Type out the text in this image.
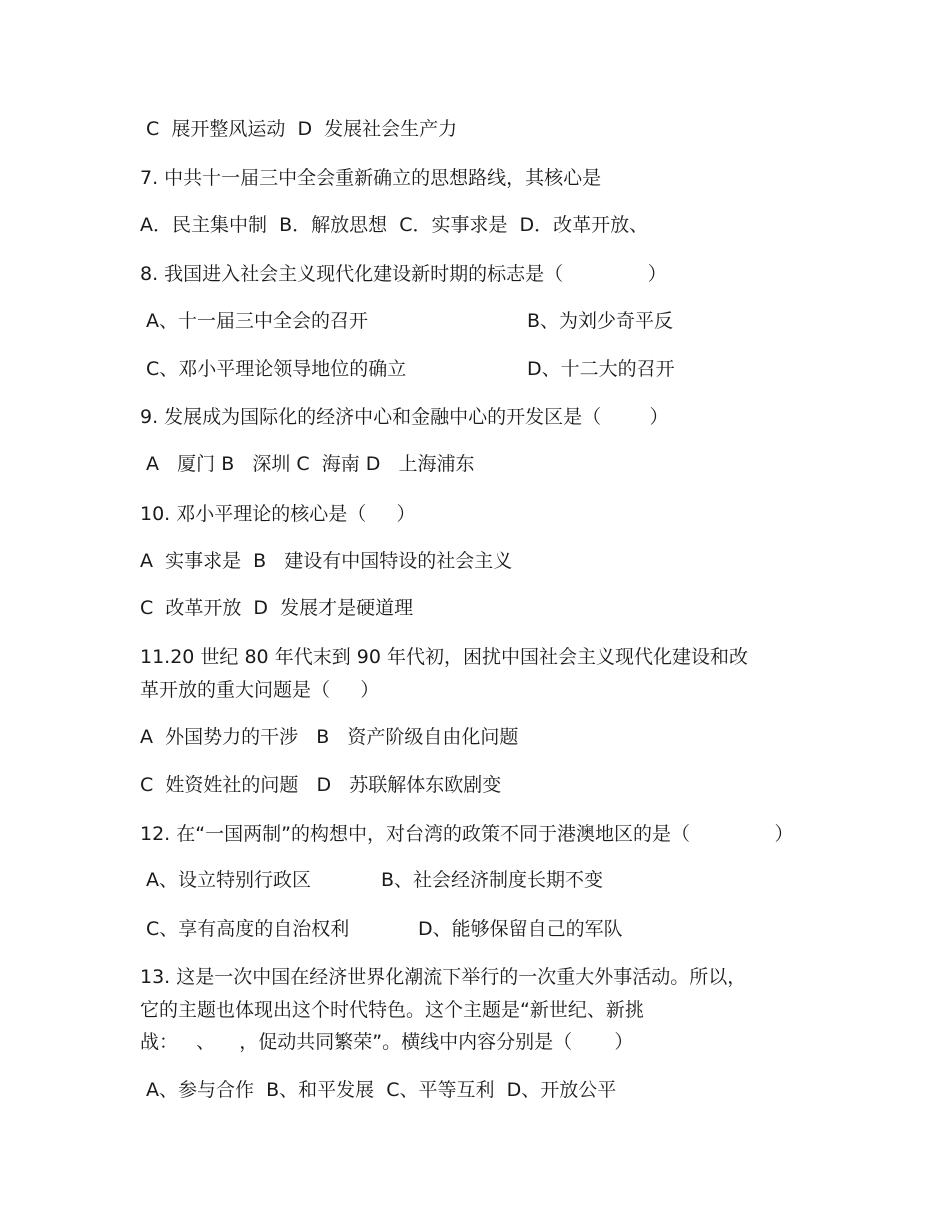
C  展开整风运动  D  发展社会生产力
7. 中共十一届三中全会重新确立的思想路线，其核心是
A．民主集中制  B．解放思想  C．实事求是  D．改革开放、
8. 我国进入社会主义现代化建设新时期的标志是（              ）
A、十一届三中全会的召开	B、为刘少奇平反
C、邓小平理论领导地位的确立	D、十二大的召开
9. 发展成为国际化的经济中心和金融中心的开发区是（        ）
A   厦门 B   深圳 C  海南 D   上海浦东
10. 邓小平理论的核心是（     ）
A  实事求是  B   建设有中国特设的社会主义
C  改革开放  D  发展才是硬道理
11.20 世纪 80 年代末到 90 年代初，困扰中国社会主义现代化建设和改
革开放的重大问题是（     ）
A  外国势力的干涉   B   资产阶级自由化问题
C  姓资姓社的问题   D   苏联解体东欧剧变
12. 在“一国两制”的构想中，对台湾的政策不同于港澳地区的是（              ）
A、设立特别行政区	B、社会经济制度长期不变
C、享有高度的自治权利	D、能够保留自己的军队
13. 这是一次中国在经济世界化潮流下举行的一次重大外事活动。所以，
它的主题也体现出这个时代特色。这个主题是“新世纪、新挑
战：   、    ，促动共同繁荣”。横线中内容分别是（       ）
A、参与合作  B、和平发展  C、平等互利  D、开放公平
